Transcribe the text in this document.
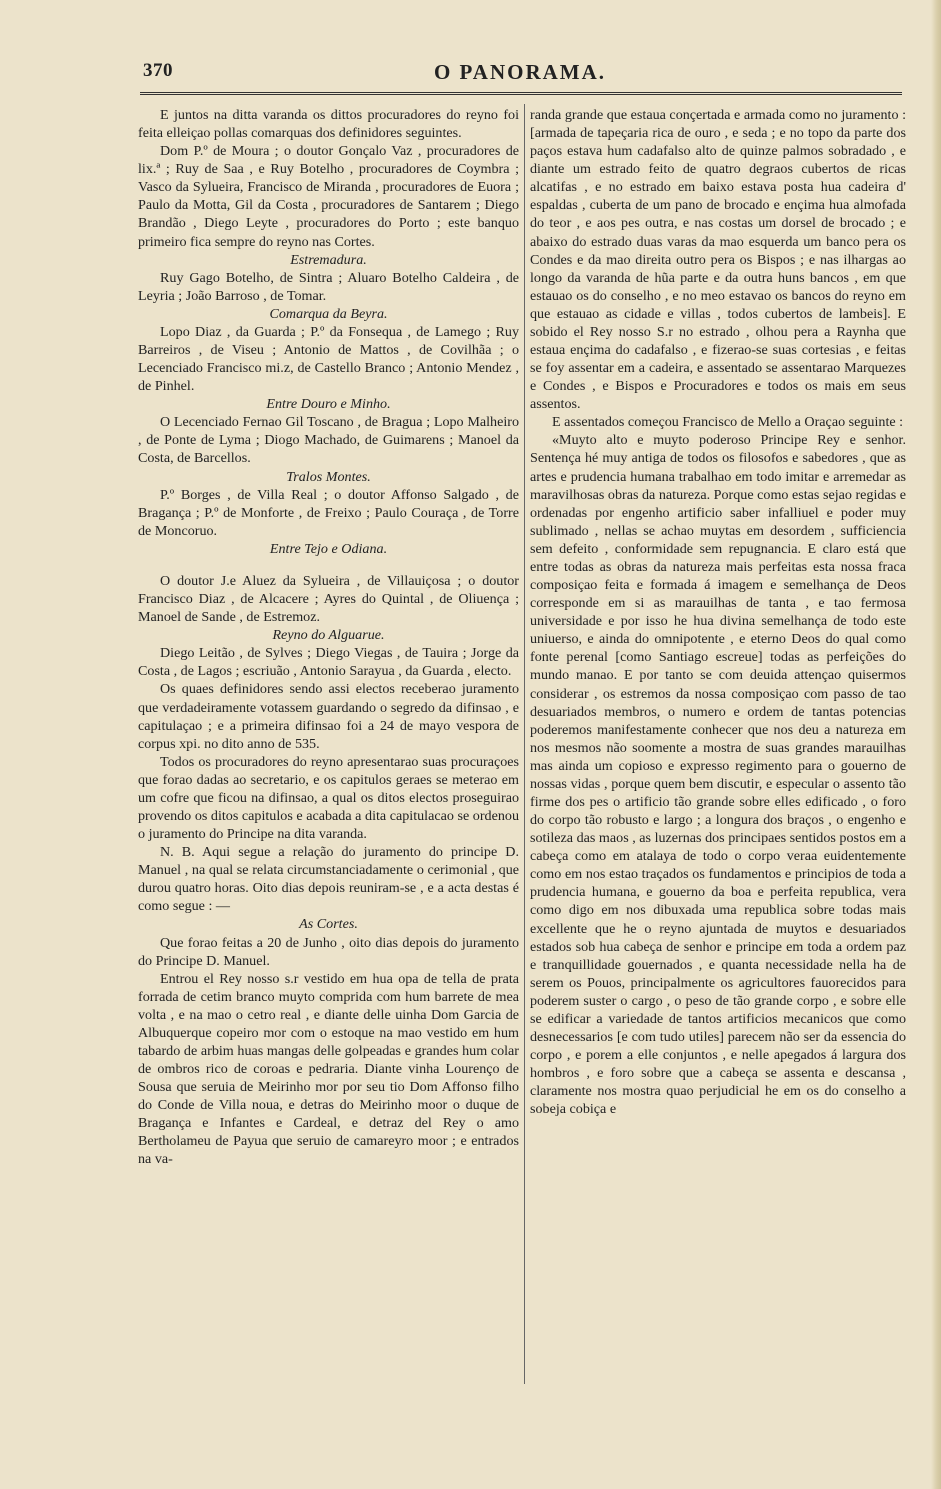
370	O PANORAMA.

E juntos na ditta varanda os dittos procuradores do reyno foi feita elleiçao pollas comarquas dos definidores seguintes.

Dom P.º de Moura ; o doutor Gonçalo Vaz , procuradores de lix.ª ; Ruy de Saa , e Ruy Botelho , procuradores de Coymbra ; Vasco da Sylueira, Francisco de Miranda , procuradores de Euora ; Paulo da Motta, Gil da Costa , procuradores de Santarem ; Diego Brandão , Diego Leyte , procuradores do Porto ; este banquo primeiro fica sempre do reyno nas Cortes.

Estremadura.

Ruy Gago Botelho, de Sintra ; Aluaro Botelho Caldeira , de Leyria ; João Barroso , de Tomar.

Comarqua da Beyra.

Lopo Diaz , da Guarda ; P.º da Fonsequa , de Lamego ; Ruy Barreiros , de Viseu ; Antonio de Mattos , de Covilhãa ; o Lecenciado Francisco mi.z, de Castello Branco ; Antonio Mendez , de Pinhel.

Entre Douro e Minho.

O Lecenciado Fernao Gil Toscano , de Bragua ; Lopo Malheiro , de Ponte de Lyma ; Diogo Machado, de Guimarens ; Manoel da Costa, de Barcellos.

Tralos Montes.

P.º Borges , de Villa Real ; o doutor Affonso Salgado , de Bragança ; P.º de Monforte , de Freixo ; Paulo Couraça , de Torre de Moncoruo.

Entre Tejo e Odiana.

O doutor J.e Aluez da Sylueira , de Villauiçosa ; o doutor Francisco Diaz , de Alcacere ; Ayres do Quintal , de Oliuença ; Manoel de Sande , de Estremoz.

Reyno do Alguarue.

Diego Leitão , de Sylves ; Diego Viegas , de Tauira ; Jorge da Costa , de Lagos ; escriuão , Antonio Sarayua , da Guarda , electo.

Os quaes definidores sendo assi electos receberao juramento que verdadeiramente votassem guardando o segredo da difinsao , e capitulaçao ; e a primeira difinsao foi a 24 de mayo vespora de corpus xpi. no dito anno de 535.

Todos os procuradores do reyno apresentarao suas procuraçoes que forao dadas ao secretario, e os capitulos geraes se meterao em um cofre que ficou na difinsao, a qual os ditos electos proseguirao provendo os ditos capitulos e acabada a dita capitulacao se ordenou o juramento do Principe na dita varanda.

N. B. Aqui segue a relação do juramento do principe D. Manuel , na qual se relata circumstanciadamente o cerimonial , que durou quatro horas. Oito dias depois reuniram-se , e a acta destas é como segue : —

As Cortes.

Que forao feitas a 20 de Junho , oito dias depois do juramento do Principe D. Manuel.

Entrou el Rey nosso s.r vestido em hua opa de tella de prata forrada de cetim branco muyto comprida com hum barrete de mea volta , e na mao o cetro real , e diante delle uinha Dom Garcia de Albuquerque copeiro mor com o estoque na mao vestido em hum tabardo de arbim huas mangas delle golpeadas e grandes hum colar de ombros rico de coroas e pedraria. Diante vinha Lourenço de Sousa que seruia de Meirinho mor por seu tio Dom Affonso filho do Conde de Villa noua, e detras do Meirinho moor o duque de Bragança e Infantes e Cardeal, e detraz del Rey o amo Bertholameu de Payua que seruio de camareyro moor ; e entrados na va-

randa grande que estaua conçertada e armada como no juramento : [armada de tapeçaria rica de ouro , e seda ; e no topo da parte dos paços estava hum cadafalso alto de quinze palmos sobradado , e diante um estrado feito de quatro degraos cubertos de ricas alcatifas , e no estrado em baixo estava posta hua cadeira d' espaldas , cuberta de um pano de brocado e ençima hua almofada do teor , e aos pes outra, e nas costas um dorsel de brocado ; e abaixo do estrado duas varas da mao esquerda um banco pera os Condes e da mao direita outro pera os Bispos ; e nas ilhargas ao longo da varanda de hũa parte e da outra huns bancos , em que estauao os do conselho , e no meo estavao os bancos do reyno em que estauao as cidade e villas , todos cubertos de lambeis]. E sobido el Rey nosso S.r no estrado , olhou pera a Raynha que estaua ençima do cadafalso , e fizerao-se suas cortesias , e feitas se foy assentar em a cadeira, e assentado se assentarao Marquezes e Condes , e Bispos e Procuradores e todos os mais em seus assentos.

E assentados começou Francisco de Mello a Oraçao seguinte :

«Muyto alto e muyto poderoso Principe Rey e senhor. Sentença hé muy antiga de todos os filosofos e sabedores , que as artes e prudencia humana trabalhao em todo imitar e arremedar as maravilhosas obras da natureza. Porque como estas sejao regidas e ordenadas por engenho artificio saber infalliuel e poder muy sublimado , nellas se achao muytas em desordem , sufficiencia sem defeito , conformidade sem repugnancia. E claro está que entre todas as obras da natureza mais perfeitas esta nossa fraca composiçao feita e formada á imagem e semelhança de Deos corresponde em si as marauilhas de tanta , e tao fermosa universidade e por isso he hua divina semelhança de todo este uniuerso, e ainda do omnipotente , e eterno Deos do qual como fonte perenal [como Santiago escreue] todas as perfeições do mundo manao. E por tanto se com deuida attençao quisermos considerar , os estremos da nossa composiçao com passo de tao desuariados membros, o numero e ordem de tantas potencias poderemos manifestamente conhecer que nos deu a natureza em nos mesmos não soomente a mostra de suas grandes marauilhas mas ainda um copioso e expresso regimento para o gouerno de nossas vidas , porque quem bem discutir, e especular o assento tão firme dos pes o artificio tão grande sobre elles edificado , o foro do corpo tão robusto e largo ; a longura dos braços , o engenho e sotileza das maos , as luzernas dos principaes sentidos postos em a cabeça como em atalaya de todo o corpo veraa euidentemente como em nos estao traçados os fundamentos e principios de toda a prudencia humana, e gouerno da boa e perfeita republica, vera como digo em nos dibuxada uma republica sobre todas mais excellente que he o reyno ajuntada de muytos e desuariados estados sob hua cabeça de senhor e principe em toda a ordem paz e tranquillidade gouernados , e quanta necessidade nella ha de serem os Pouos, principalmente os agricultores fauorecidos para poderem suster o cargo , o peso de tão grande corpo , e sobre elle se edificar a variedade de tantos artificios mecanicos que como desnecessarios [e com tudo utiles] parecem não ser da essencia do corpo , e porem a elle conjuntos , e nelle apegados á largura dos hombros , e foro sobre que a cabeça se assenta e descansa , claramente nos mostra quao perjudicial he em os do conselho a sobeja cobiça e
